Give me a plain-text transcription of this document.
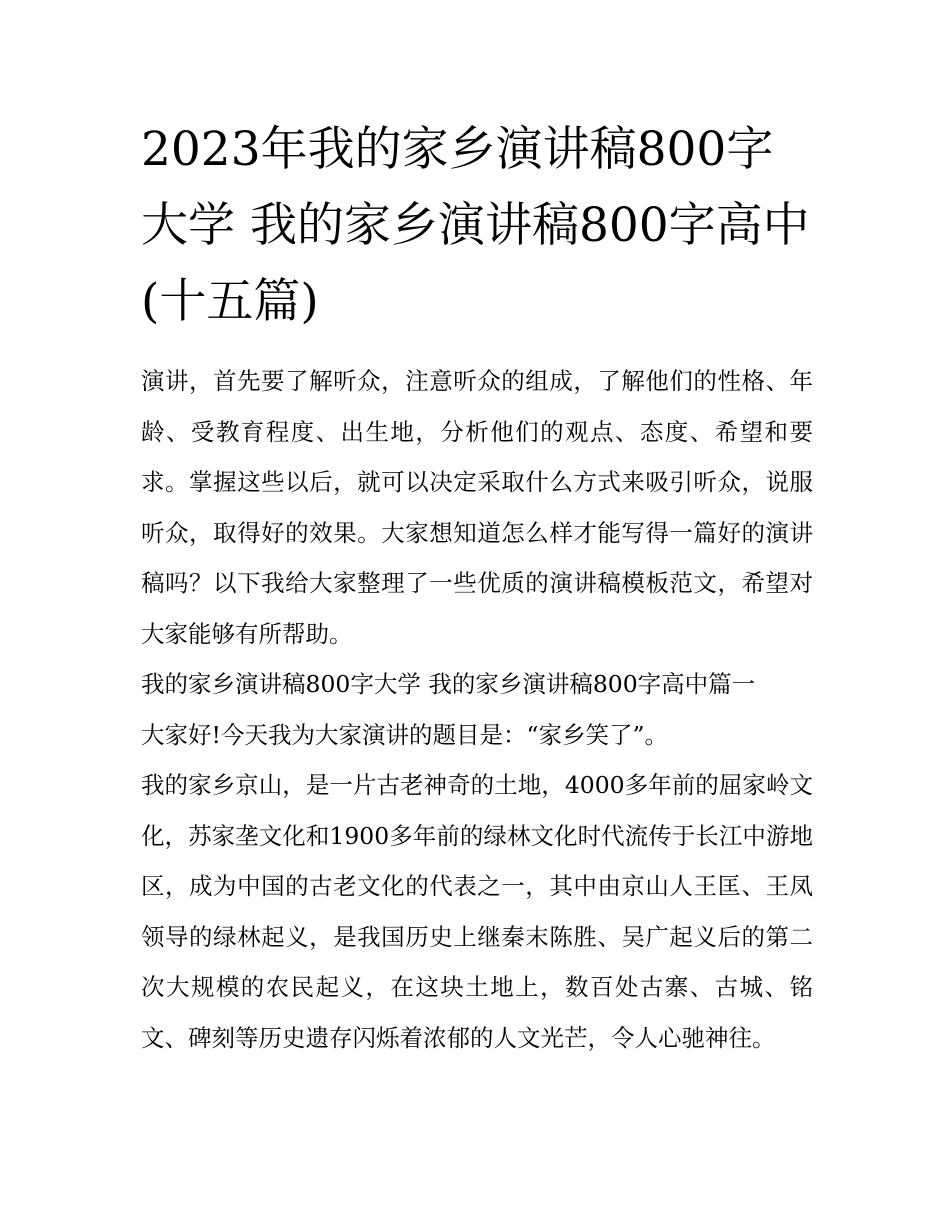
2023年我的家乡演讲稿800字大学 我的家乡演讲稿800字高中(十五篇)

演讲，首先要了解听众，注意听众的组成，了解他们的性格、年龄、受教育程度、出生地，分析他们的观点、态度、希望和要求。掌握这些以后，就可以决定采取什么方式来吸引听众，说服听众，取得好的效果。大家想知道怎么样才能写得一篇好的演讲稿吗？以下我给大家整理了一些优质的演讲稿模板范文，希望对大家能够有所帮助。

我的家乡演讲稿800字大学 我的家乡演讲稿800字高中篇一

大家好!今天我为大家演讲的题目是：“家乡笑了”。

我的家乡京山，是一片古老神奇的土地，4000多年前的屈家岭文化，苏家垄文化和1900多年前的绿林文化时代流传于长江中游地区，成为中国的古老文化的代表之一，其中由京山人王匡、王凤领导的绿林起义，是我国历史上继秦末陈胜、吴广起义后的第二次大规模的农民起义，在这块土地上，数百处古寨、古城、铭文、碑刻等历史遗存闪烁着浓郁的人文光芒，令人心驰神往。
